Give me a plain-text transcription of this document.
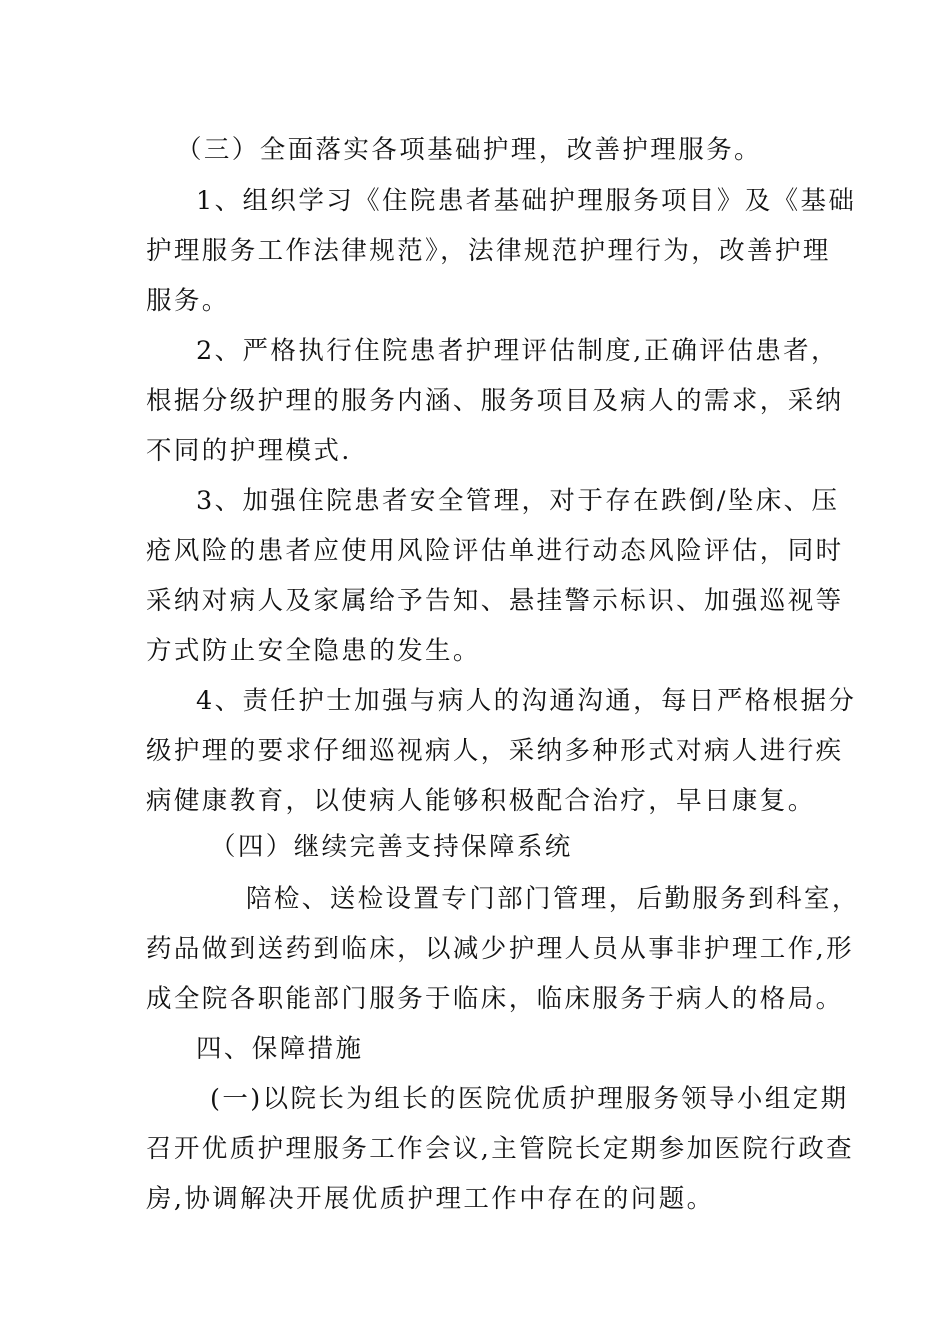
（三）全面落实各项基础护理，改善护理服务。
1、组织学习《住院患者基础护理服务项目》及《基础
护理服务工作法律规范》，法律规范护理行为，改善护理
服务。
2、严格执行住院患者护理评估制度,正确评估患者，
根据分级护理的服务内涵、服务项目及病人的需求，采纳
不同的护理模式.
3、加强住院患者安全管理，对于存在跌倒/坠床、压
疮风险的患者应使用风险评估单进行动态风险评估，同时
采纳对病人及家属给予告知、悬挂警示标识、加强巡视等
方式防止安全隐患的发生。
4、责任护士加强与病人的沟通沟通，每日严格根据分
级护理的要求仔细巡视病人，采纳多种形式对病人进行疾
病健康教育，以使病人能够积极配合治疗，早日康复。
（四）继续完善支持保障系统
陪检、送检设置专门部门管理，后勤服务到科室，
药品做到送药到临床，以减少护理人员从事非护理工作,形
成全院各职能部门服务于临床，临床服务于病人的格局。
四、保障措施
(一)以院长为组长的医院优质护理服务领导小组定期
召开优质护理服务工作会议,主管院长定期参加医院行政查
房,协调解决开展优质护理工作中存在的问题。
